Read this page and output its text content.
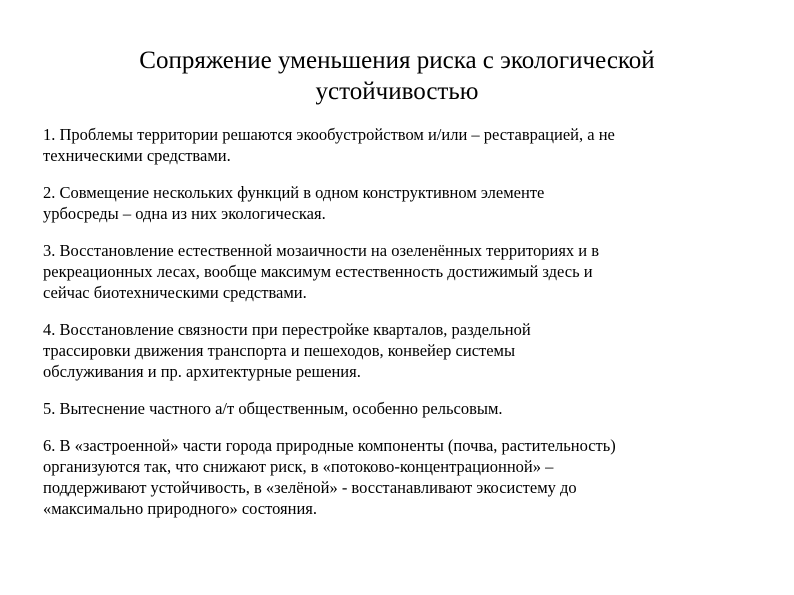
Сопряжение уменьшения риска с экологической
устойчивостью
1. Проблемы территории решаются экообустройством и/или – реставрацией, а не
техническими средствами.
2. Совмещение нескольких функций в одном конструктивном элементе
урбосреды – одна из них экологическая.
3. Восстановление естественной мозаичности на озеленённых территориях и в
рекреационных лесах, вообще максимум естественность достижимый здесь и
сейчас биотехническими средствами.
4. Восстановление связности при перестройке кварталов, раздельной
трассировки движения транспорта и пешеходов, конвейер системы
обслуживания и пр. архитектурные решения.
5. Вытеснение частного а/т общественным, особенно рельсовым.
6. В «застроенной» части города природные компоненты (почва, растительность)
организуются так, что снижают риск, в «потоково-концентрационной» –
поддерживают устойчивость, в «зелёной» - восстанавливают экосистему до
«максимально природного» состояния.
